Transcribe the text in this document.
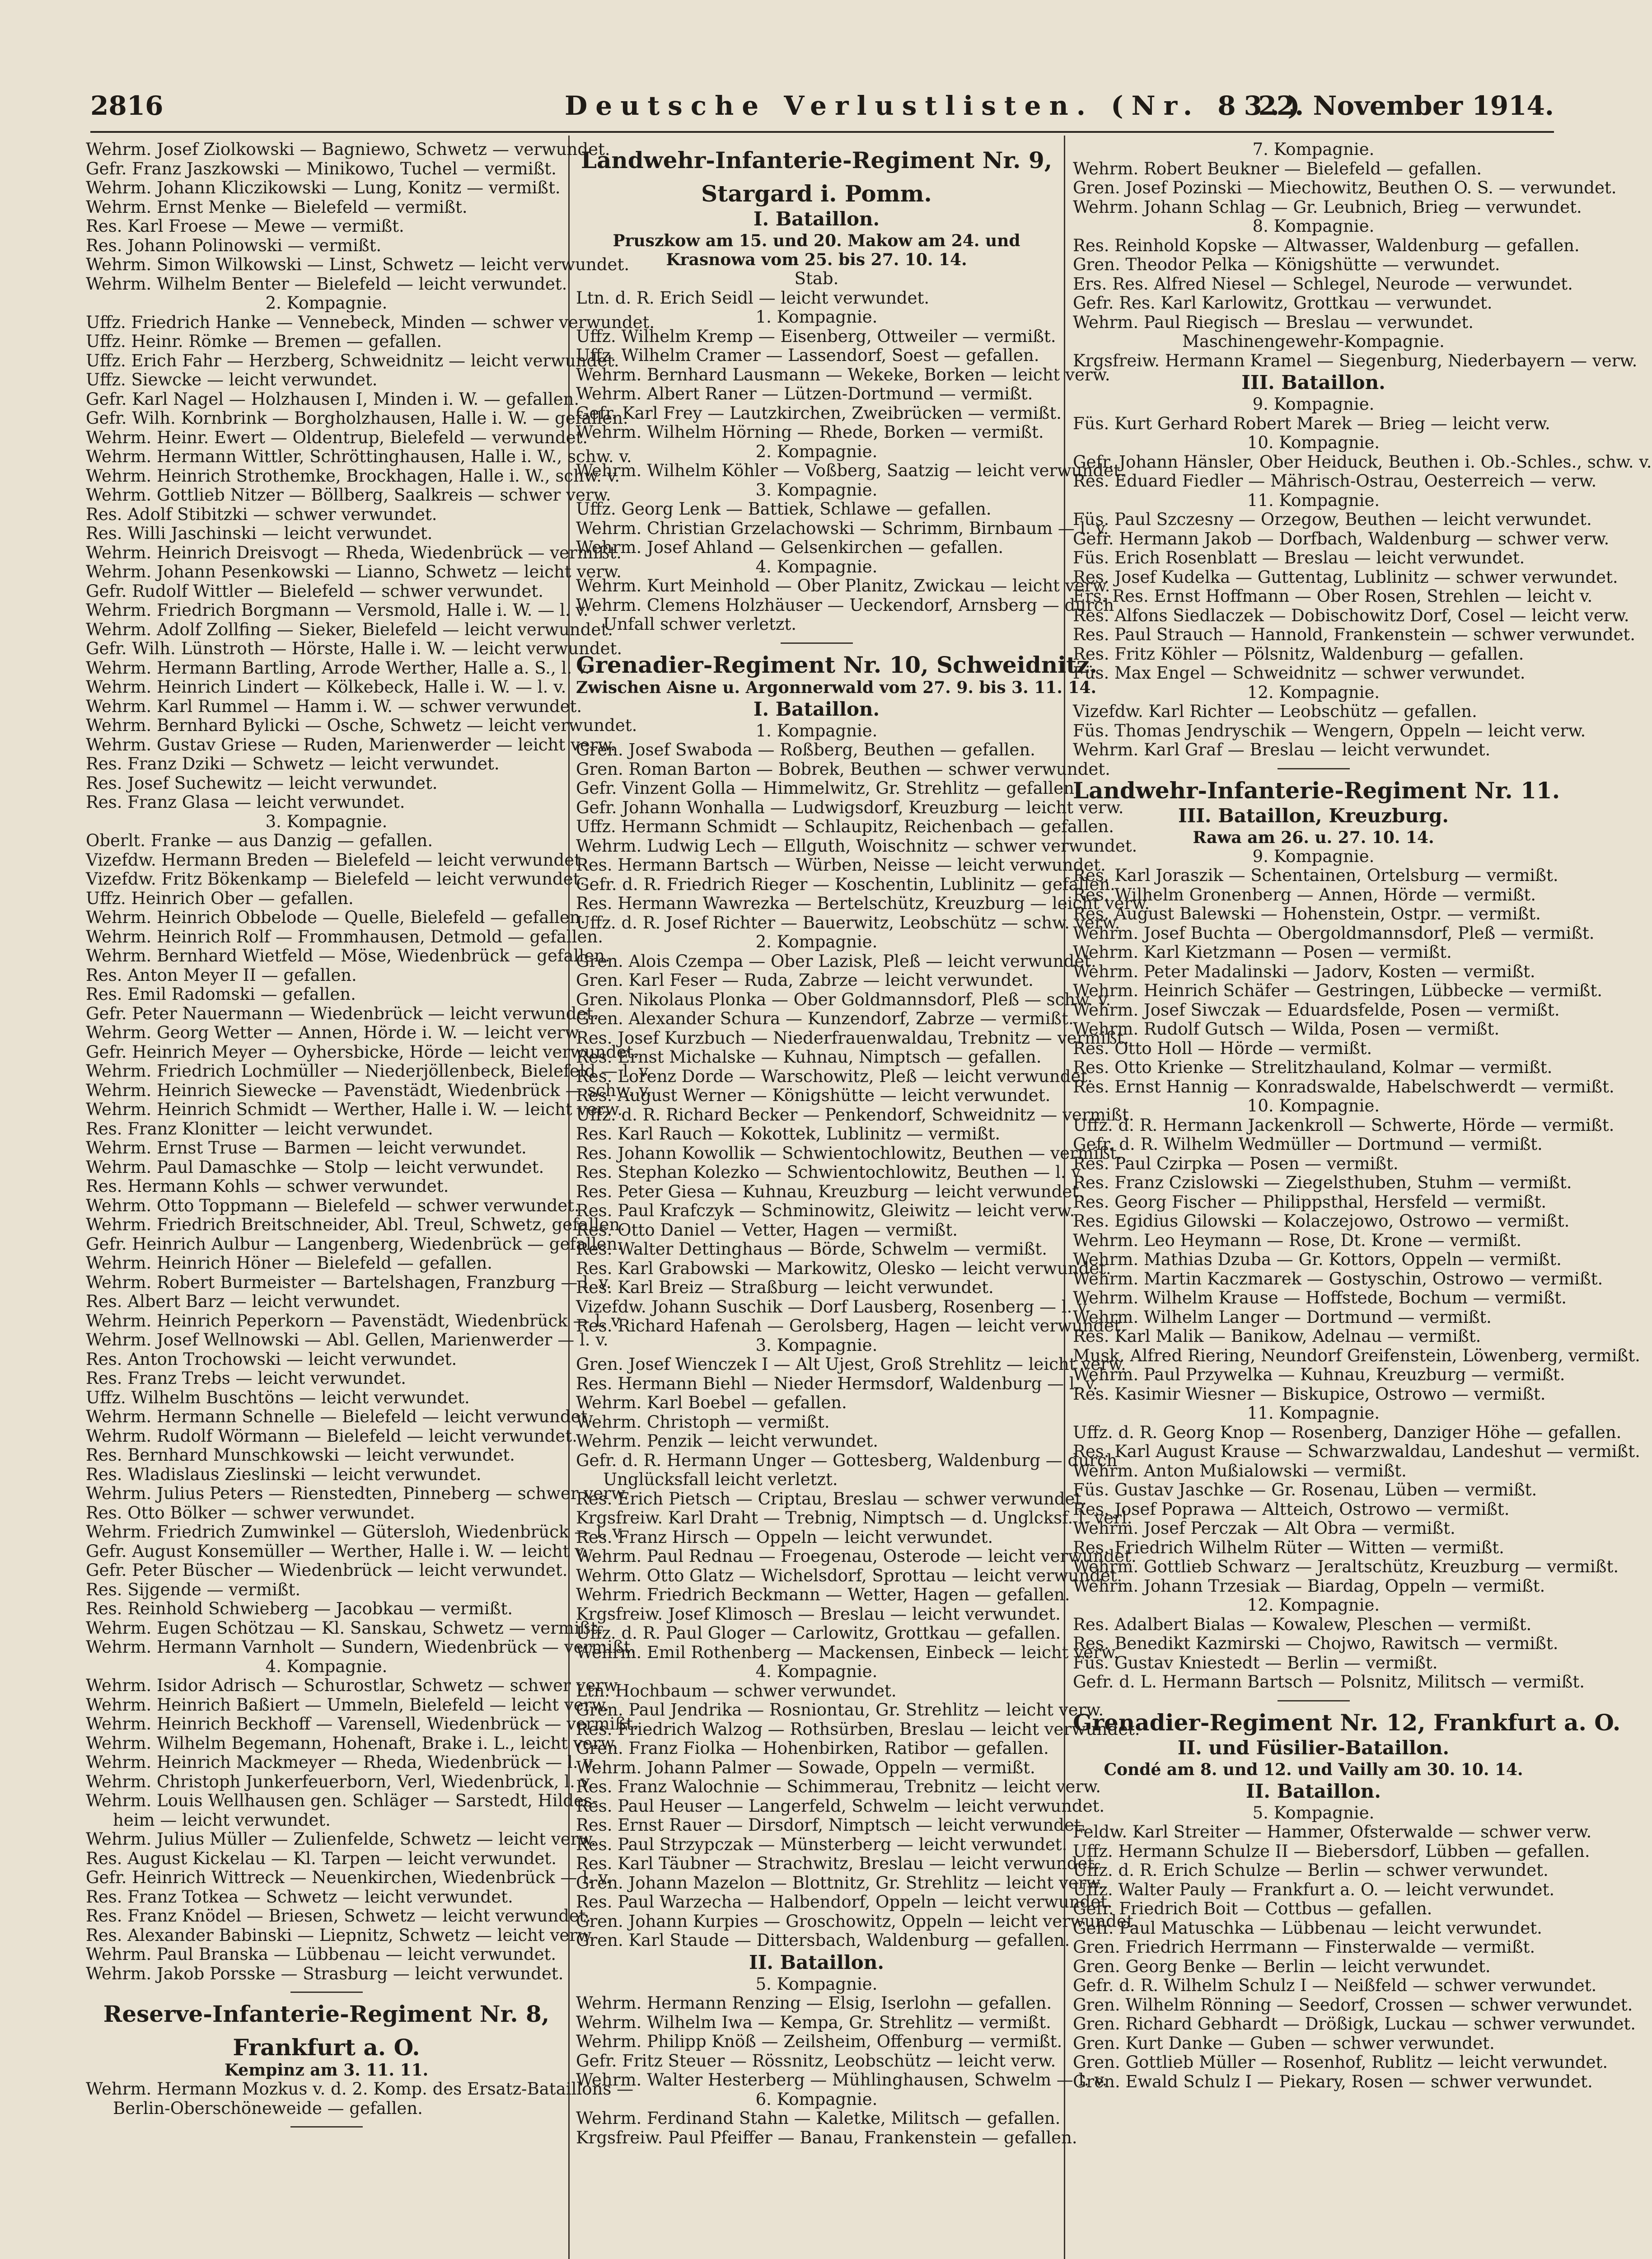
2816	Deutsche Verlustlisten. (Nr. 83.)
22. November 1914.
Wehrm. Josef Ziolkowski — Bagniewo, Schwetz — verwundet.
Gefr. Franz Jaszkowski — Minikowo, Tuchel — vermißt.
Wehrm. Johann Kliczikowski — Lung, Konitz — vermißt.
Wehrm. Ernst Menke — Bielefeld — vermißt.
Res. Karl Froese — Mewe — vermißt.
Res. Johann Polinowski — vermißt.
Wehrm. Simon Wilkowski — Linst, Schwetz — leicht verwundet.
Wehrm. Wilhelm Benter — Bielefeld — leicht verwundet.
2. Kompagnie.
Uffz. Friedrich Hanke — Vennebeck, Minden — schwer verwundet.
Uffz. Heinr. Römke — Bremen — gefallen.
Uffz. Erich Fahr — Herzberg, Schweidnitz — leicht verwundet.
Uffz. Siewcke — leicht verwundet.
Gefr. Karl Nagel — Holzhausen I, Minden i. W. — gefallen.
Gefr. Wilh. Kornbrink — Borgholzhausen, Halle i. W. — gefallen.
Wehrm. Heinr. Ewert — Oldentrup, Bielefeld — verwundet.
Wehrm. Hermann Wittler, Schröttinghausen, Halle i. W., schw. v.
Wehrm. Heinrich Strothemke, Brockhagen, Halle i. W., schw. v.
Wehrm. Gottlieb Nitzer — Böllberg, Saalkreis — schwer verw.
Res. Adolf Stibitzki — schwer verwundet.
Res. Willi Jaschinski — leicht verwundet.
Wehrm. Heinrich Dreisvogt — Rheda, Wiedenbrück — vermißt.
Wehrm. Johann Pesenkowski — Lianno, Schwetz — leicht verw.
Gefr. Rudolf Wittler — Bielefeld — schwer verwundet.
Wehrm. Friedrich Borgmann — Versmold, Halle i. W. — l. v.
Wehrm. Adolf Zollfing — Sieker, Bielefeld — leicht verwundet.
Gefr. Wilh. Lünstroth — Hörste, Halle i. W. — leicht verwundet.
Wehrm. Hermann Bartling, Arrode Werther, Halle a. S., l. v.
Wehrm. Heinrich Lindert — Kölkebeck, Halle i. W. — l. v.
Wehrm. Karl Rummel — Hamm i. W. — schwer verwundet.
Wehrm. Bernhard Bylicki — Osche, Schwetz — leicht verwundet.
Wehrm. Gustav Griese — Ruden, Marienwerder — leicht verw.
Res. Franz Dziki — Schwetz — leicht verwundet.
Res. Josef Suchewitz — leicht verwundet.
Res. Franz Glasa — leicht verwundet.
3. Kompagnie.
Oberlt. Franke — aus Danzig — gefallen.
Vizefdw. Hermann Breden — Bielefeld — leicht verwundet.
Vizefdw. Fritz Bökenkamp — Bielefeld — leicht verwundet.
Uffz. Heinrich Ober — gefallen.
Wehrm. Heinrich Obbelode — Quelle, Bielefeld — gefallen.
Wehrm. Heinrich Rolf — Frommhausen, Detmold — gefallen.
Wehrm. Bernhard Wietfeld — Möse, Wiedenbrück — gefallen.
Res. Anton Meyer II — gefallen.
Res. Emil Radomski — gefallen.
Gefr. Peter Nauermann — Wiedenbrück — leicht verwundet.
Wehrm. Georg Wetter — Annen, Hörde i. W. — leicht verw.
Gefr. Heinrich Meyer — Oyhersbicke, Hörde — leicht verwundet.
Wehrm. Friedrich Lochmüller — Niederjöllenbeck, Bielefeld — l. v.
Wehrm. Heinrich Siewecke — Pavenstädt, Wiedenbrück — schw. v.
Wehrm. Heinrich Schmidt — Werther, Halle i. W. — leicht verw.
Res. Franz Klonitter — leicht verwundet.
Wehrm. Ernst Truse — Barmen — leicht verwundet.
Wehrm. Paul Damaschke — Stolp — leicht verwundet.
Res. Hermann Kohls — schwer verwundet.
Wehrm. Otto Toppmann — Bielefeld — schwer verwundet.
Wehrm. Friedrich Breitschneider, Abl. Treul, Schwetz, gefallen.
Gefr. Heinrich Aulbur — Langenberg, Wiedenbrück — gefallen.
Wehrm. Heinrich Höner — Bielefeld — gefallen.
Wehrm. Robert Burmeister — Bartelshagen, Franzburg — l. v.
Res. Albert Barz — leicht verwundet.
Wehrm. Heinrich Peperkorn — Pavenstädt, Wiedenbrück — l. v.
Wehrm. Josef Wellnowski — Abl. Gellen, Marienwerder — l. v.
Res. Anton Trochowski — leicht verwundet.
Res. Franz Trebs — leicht verwundet.
Uffz. Wilhelm Buschtöns — leicht verwundet.
Wehrm. Hermann Schnelle — Bielefeld — leicht verwundet.
Wehrm. Rudolf Wörmann — Bielefeld — leicht verwundet.
Res. Bernhard Munschkowski — leicht verwundet.
Res. Wladislaus Zieslinski — leicht verwundet.
Wehrm. Julius Peters — Rienstedten, Pinneberg — schwer verw.
Res. Otto Bölker — schwer verwundet.
Wehrm. Friedrich Zumwinkel — Gütersloh, Wiedenbrück — l. v.
Gefr. August Konsemüller — Werther, Halle i. W. — leicht v.
Gefr. Peter Büscher — Wiedenbrück — leicht verwundet.
Res. Sijgende — vermißt.
Res. Reinhold Schwieberg — Jacobkau — vermißt.
Wehrm. Eugen Schötzau — Kl. Sanskau, Schwetz — vermißt.
Wehrm. Hermann Varnholt — Sundern, Wiedenbrück — vermißt.
4. Kompagnie.
Wehrm. Isidor Adrisch — Schurostlar, Schwetz — schwer verw.
Wehrm. Heinrich Baßiert — Ummeln, Bielefeld — leicht verw.
Wehrm. Heinrich Beckhoff — Varensell, Wiedenbrück — vermißt.
Wehrm. Wilhelm Begemann, Hohenaft, Brake i. L., leicht verw.
Wehrm. Heinrich Mackmeyer — Rheda, Wiedenbrück — l. v.
Wehrm. Christoph Junkerfeuerborn, Verl, Wiedenbrück, l. v.
Wehrm. Louis Wellhausen gen. Schläger — Sarstedt, Hildes-
heim — leicht verwundet.
Wehrm. Julius Müller — Zulienfelde, Schwetz — leicht verw.
Res. August Kickelau — Kl. Tarpen — leicht verwundet.
Gefr. Heinrich Wittreck — Neuenkirchen, Wiedenbrück — l. v.
Res. Franz Totkea — Schwetz — leicht verwundet.
Res. Franz Knödel — Briesen, Schwetz — leicht verwundet.
Res. Alexander Babinski — Liepnitz, Schwetz — leicht verw.
Wehrm. Paul Branska — Lübbenau — leicht verwundet.
Wehrm. Jakob Porsske — Strasburg — leicht verwundet.
Reserve-Infanterie-Regiment Nr. 8,
Frankfurt a. O.
Kempinz am 3. 11. 11.
Wehrm. Hermann Mozkus v. d. 2. Komp. des Ersatz-Bataillons —
Berlin-Oberschöneweide — gefallen.
Landwehr-Infanterie-Regiment Nr. 9,
Stargard i. Pomm.
I. Bataillon.
Pruszkow am 15. und 20. Makow am 24. und
Krasnowa vom 25. bis 27. 10. 14.
Stab.
Ltn. d. R. Erich Seidl — leicht verwundet.
1. Kompagnie.
Uffz. Wilhelm Kremp — Eisenberg, Ottweiler — vermißt.
Uffz. Wilhelm Cramer — Lassendorf, Soest — gefallen.
Wehrm. Bernhard Lausmann — Wekeke, Borken — leicht verw.
Wehrm. Albert Raner — Lützen-Dortmund — vermißt.
Gefr. Karl Frey — Lautzkirchen, Zweibrücken — vermißt.
Wehrm. Wilhelm Hörning — Rhede, Borken — vermißt.
2. Kompagnie.
Wehrm. Wilhelm Köhler — Voßberg, Saatzig — leicht verwundet.
3. Kompagnie.
Uffz. Georg Lenk — Battiek, Schlawe — gefallen.
Wehrm. Christian Grzelachowski — Schrimm, Birnbaum — l. v.
Wehrm. Josef Ahland — Gelsenkirchen — gefallen.
4. Kompagnie.
Wehrm. Kurt Meinhold — Ober Planitz, Zwickau — leicht verw.
Wehrm. Clemens Holzhäuser — Ueckendorf, Arnsberg — durch
Unfall schwer verletzt.
Grenadier-Regiment Nr. 10, Schweidnitz.
Zwischen Aisne u. Argonnerwald vom 27. 9. bis 3. 11. 14.
I. Bataillon.
1. Kompagnie.
Gren. Josef Swaboda — Roßberg, Beuthen — gefallen.
Gren. Roman Barton — Bobrek, Beuthen — schwer verwundet.
Gefr. Vinzent Golla — Himmelwitz, Gr. Strehlitz — gefallen.
Gefr. Johann Wonhalla — Ludwigsdorf, Kreuzburg — leicht verw.
Uffz. Hermann Schmidt — Schlaupitz, Reichenbach — gefallen.
Wehrm. Ludwig Lech — Ellguth, Woischnitz — schwer verwundet.
Res. Hermann Bartsch — Würben, Neisse — leicht verwundet.
Gefr. d. R. Friedrich Rieger — Koschentin, Lublinitz — gefallen.
Res. Hermann Wawrezka — Bertelschütz, Kreuzburg — leicht verw.
Uffz. d. R. Josef Richter — Bauerwitz, Leobschütz — schw. verw.
2. Kompagnie.
Gren. Alois Czempa — Ober Lazisk, Pleß — leicht verwundet.
Gren. Karl Feser — Ruda, Zabrze — leicht verwundet.
Gren. Nikolaus Plonka — Ober Goldmannsdorf, Pleß — schw. v.
Gren. Alexander Schura — Kunzendorf, Zabrze — vermißt.
Res. Josef Kurzbuch — Niederfrauenwaldau, Trebnitz — vermißt.
Res. Ernst Michalske — Kuhnau, Nimptsch — gefallen.
Res. Lorenz Dorde — Warschowitz, Pleß — leicht verwundet.
Res. August Werner — Königshütte — leicht verwundet.
Uffz. d. R. Richard Becker — Penkendorf, Schweidnitz — vermißt.
Res. Karl Rauch — Kokottek, Lublinitz — vermißt.
Res. Johann Kowollik — Schwientochlowitz, Beuthen — vermißt.
Res. Stephan Kolezko — Schwientochlowitz, Beuthen — l. v.
Res. Peter Giesa — Kuhnau, Kreuzburg — leicht verwundet.
Res. Paul Krafczyk — Schminowitz, Gleiwitz — leicht verw.
Res. Otto Daniel — Vetter, Hagen — vermißt.
Res. Walter Dettinghaus — Börde, Schwelm — vermißt.
Res. Karl Grabowski — Markowitz, Olesko — leicht verwundet.
Res. Karl Breiz — Straßburg — leicht verwundet.
Vizefdw. Johann Suschik — Dorf Lausberg, Rosenberg — l. v.
Res. Richard Hafenah — Gerolsberg, Hagen — leicht verwundet.
3. Kompagnie.
Gren. Josef Wienczek I — Alt Ujest, Groß Strehlitz — leicht verw.
Res. Hermann Biehl — Nieder Hermsdorf, Waldenburg — l. v.
Wehrm. Karl Boebel — gefallen.
Wehrm. Christoph — vermißt.
Wehrm. Penzik — leicht verwundet.
Gefr. d. R. Hermann Unger — Gottesberg, Waldenburg — durch
Unglücksfall leicht verletzt.
Res. Erich Pietsch — Criptau, Breslau — schwer verwundet.
Krgsfreiw. Karl Draht — Trebnig, Nimptsch — d. Unglcksf. l. verl.
Res. Franz Hirsch — Oppeln — leicht verwundet.
Wehrm. Paul Rednau — Froegenau, Osterode — leicht verwundet.
Wehrm. Otto Glatz — Wichelsdorf, Sprottau — leicht verwundet.
Wehrm. Friedrich Beckmann — Wetter, Hagen — gefallen.
Krgsfreiw. Josef Klimosch — Breslau — leicht verwundet.
Uffz. d. R. Paul Gloger — Carlowitz, Grottkau — gefallen.
Wehrm. Emil Rothenberg — Mackensen, Einbeck — leicht verw.
4. Kompagnie.
Ltn. Hochbaum — schwer verwundet.
Gren. Paul Jendrika — Rosniontau, Gr. Strehlitz — leicht verw.
Res. Friedrich Walzog — Rothsürben, Breslau — leicht verwundet.
Gren. Franz Fiolka — Hohenbirken, Ratibor — gefallen.
Wehrm. Johann Palmer — Sowade, Oppeln — vermißt.
Res. Franz Walochnie — Schimmerau, Trebnitz — leicht verw.
Res. Paul Heuser — Langerfeld, Schwelm — leicht verwundet.
Res. Ernst Rauer — Dirsdorf, Nimptsch — leicht verwundet.
Res. Paul Strzypczak — Münsterberg — leicht verwundet.
Res. Karl Täubner — Strachwitz, Breslau — leicht verwundet.
Gren. Johann Mazelon — Blottnitz, Gr. Strehlitz — leicht verw.
Res. Paul Warzecha — Halbendorf, Oppeln — leicht verwundet.
Gren. Johann Kurpies — Groschowitz, Oppeln — leicht verwundet.
Gren. Karl Staude — Dittersbach, Waldenburg — gefallen.
II. Bataillon.
5. Kompagnie.
Wehrm. Hermann Renzing — Elsig, Iserlohn — gefallen.
Wehrm. Wilhelm Iwa — Kempa, Gr. Strehlitz — vermißt.
Wehrm. Philipp Knöß — Zeilsheim, Offenburg — vermißt.
Gefr. Fritz Steuer — Rössnitz, Leobschütz — leicht verw.
Wehrm. Walter Hesterberg — Mühlinghausen, Schwelm — l. v.
6. Kompagnie.
Wehrm. Ferdinand Stahn — Kaletke, Militsch — gefallen.
Krgsfreiw. Paul Pfeiffer — Banau, Frankenstein — gefallen.
7. Kompagnie.
Wehrm. Robert Beukner — Bielefeld — gefallen.
Gren. Josef Pozinski — Miechowitz, Beuthen O. S. — verwundet.
Wehrm. Johann Schlag — Gr. Leubnich, Brieg — verwundet.
8. Kompagnie.
Res. Reinhold Kopske — Altwasser, Waldenburg — gefallen.
Gren. Theodor Pelka — Königshütte — verwundet.
Ers. Res. Alfred Niesel — Schlegel, Neurode — verwundet.
Gefr. Res. Karl Karlowitz, Grottkau — verwundet.
Wehrm. Paul Riegisch — Breslau — verwundet.
Maschinengewehr-Kompagnie.
Krgsfreiw. Hermann Kramel — Siegenburg, Niederbayern — verw.
III. Bataillon.
9. Kompagnie.
Füs. Kurt Gerhard Robert Marek — Brieg — leicht verw.
10. Kompagnie.
Gefr. Johann Hänsler, Ober Heiduck, Beuthen i. Ob.-Schles., schw. v.
Res. Eduard Fiedler — Mährisch-Ostrau, Oesterreich — verw.
11. Kompagnie.
Füs. Paul Szczesny — Orzegow, Beuthen — leicht verwundet.
Gefr. Hermann Jakob — Dorfbach, Waldenburg — schwer verw.
Füs. Erich Rosenblatt — Breslau — leicht verwundet.
Res. Josef Kudelka — Guttentag, Lublinitz — schwer verwundet.
Ers. Res. Ernst Hoffmann — Ober Rosen, Strehlen — leicht v.
Res. Alfons Siedlaczek — Dobischowitz Dorf, Cosel — leicht verw.
Res. Paul Strauch — Hannold, Frankenstein — schwer verwundet.
Res. Fritz Köhler — Pölsnitz, Waldenburg — gefallen.
Füs. Max Engel — Schweidnitz — schwer verwundet.
12. Kompagnie.
Vizefdw. Karl Richter — Leobschütz — gefallen.
Füs. Thomas Jendryschik — Wengern, Oppeln — leicht verw.
Wehrm. Karl Graf — Breslau — leicht verwundet.
Landwehr-Infanterie-Regiment Nr. 11.
III. Bataillon, Kreuzburg.
Rawa am 26. u. 27. 10. 14.
9. Kompagnie.
Res. Karl Joraszik — Schentainen, Ortelsburg — vermißt.
Res. Wilhelm Gronenberg — Annen, Hörde — vermißt.
Res. August Balewski — Hohenstein, Ostpr. — vermißt.
Wehrm. Josef Buchta — Obergoldmannsdorf, Pleß — vermißt.
Wehrm. Karl Kietzmann — Posen — vermißt.
Wehrm. Peter Madalinski — Jadorv, Kosten — vermißt.
Wehrm. Heinrich Schäfer — Gestringen, Lübbecke — vermißt.
Wehrm. Josef Siwczak — Eduardsfelde, Posen — vermißt.
Wehrm. Rudolf Gutsch — Wilda, Posen — vermißt.
Res. Otto Holl — Hörde — vermißt.
Res. Otto Krienke — Strelitzhauland, Kolmar — vermißt.
Res. Ernst Hannig — Konradswalde, Habelschwerdt — vermißt.
10. Kompagnie.
Uffz. d. R. Hermann Jackenkroll — Schwerte, Hörde — vermißt.
Gefr. d. R. Wilhelm Wedmüller — Dortmund — vermißt.
Res. Paul Czirpka — Posen — vermißt.
Res. Franz Czislowski — Ziegelsthuben, Stuhm — vermißt.
Res. Georg Fischer — Philippsthal, Hersfeld — vermißt.
Res. Egidius Gilowski — Kolaczejowo, Ostrowo — vermißt.
Wehrm. Leo Heymann — Rose, Dt. Krone — vermißt.
Wehrm. Mathias Dzuba — Gr. Kottors, Oppeln — vermißt.
Wehrm. Martin Kaczmarek — Gostyschin, Ostrowo — vermißt.
Wehrm. Wilhelm Krause — Hoffstede, Bochum — vermißt.
Wehrm. Wilhelm Langer — Dortmund — vermißt.
Res. Karl Malik — Banikow, Adelnau — vermißt.
Musk. Alfred Riering, Neundorf Greifenstein, Löwenberg, vermißt.
Wehrm. Paul Przywelka — Kuhnau, Kreuzburg — vermißt.
Res. Kasimir Wiesner — Biskupice, Ostrowo — vermißt.
11. Kompagnie.
Uffz. d. R. Georg Knop — Rosenberg, Danziger Höhe — gefallen.
Res. Karl August Krause — Schwarzwaldau, Landeshut — vermißt.
Wehrm. Anton Mußialowski — vermißt.
Füs. Gustav Jaschke — Gr. Rosenau, Lüben — vermißt.
Res. Josef Poprawa — Altteich, Ostrowo — vermißt.
Wehrm. Josef Perczak — Alt Obra — vermißt.
Res. Friedrich Wilhelm Rüter — Witten — vermißt.
Wehrm. Gottlieb Schwarz — Jeraltschütz, Kreuzburg — vermißt.
Wehrm. Johann Trzesiak — Biardag, Oppeln — vermißt.
12. Kompagnie.
Res. Adalbert Bialas — Kowalew, Pleschen — vermißt.
Res. Benedikt Kazmirski — Chojwo, Rawitsch — vermißt.
Füs. Gustav Kniestedt — Berlin — vermißt.
Gefr. d. L. Hermann Bartsch — Polsnitz, Militsch — vermißt.
Grenadier-Regiment Nr. 12, Frankfurt a. O.
II. und Füsilier-Bataillon.
Condé am 8. und 12. und Vailly am 30. 10. 14.
II. Bataillon.
5. Kompagnie.
Feldw. Karl Streiter — Hammer, Ofsterwalde — schwer verw.
Uffz. Hermann Schulze II — Biebersdorf, Lübben — gefallen.
Uffz. d. R. Erich Schulze — Berlin — schwer verwundet.
Uffz. Walter Pauly — Frankfurt a. O. — leicht verwundet.
Gefr. Friedrich Boit — Cottbus — gefallen.
Gefr. Paul Matuschka — Lübbenau — leicht verwundet.
Gren. Friedrich Herrmann — Finsterwalde — vermißt.
Gren. Georg Benke — Berlin — leicht verwundet.
Gefr. d. R. Wilhelm Schulz I — Neißfeld — schwer verwundet.
Gren. Wilhelm Rönning — Seedorf, Crossen — schwer verwundet.
Gren. Richard Gebhardt — Drößigk, Luckau — schwer verwundet.
Gren. Kurt Danke — Guben — schwer verwundet.
Gren. Gottlieb Müller — Rosenhof, Rublitz — leicht verwundet.
Gren. Ewald Schulz I — Piekary, Rosen — schwer verwundet.
